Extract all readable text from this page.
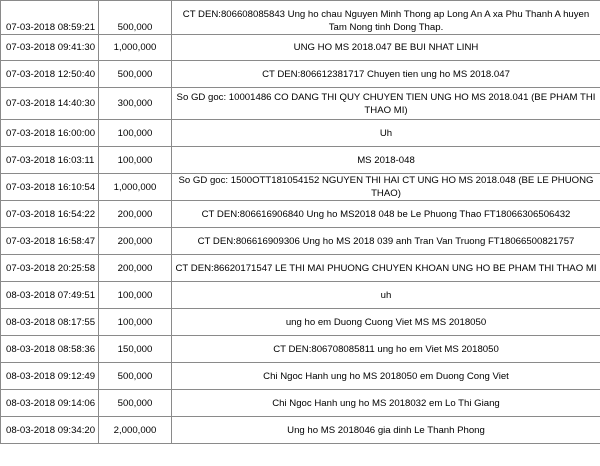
07-03-2018 08:59:21	500,000	CT DEN:806608085843 Ung ho chau Nguyen Minh Thong ap Long An A xa Phu Thanh A huyen Tam Nong tinh Dong Thap.
07-03-2018 09:41:30	1,000,000	UNG HO MS 2018.047 BE BUI NHAT LINH
07-03-2018 12:50:40	500,000	CT DEN:806612381717 Chuyen tien ung ho MS 2018.047
07-03-2018 14:40:30	300,000	So GD goc: 10001486 CO DANG THI QUY CHUYEN TIEN UNG HO MS 2018.041 (BE PHAM THI THAO MI)
07-03-2018 16:00:00	100,000	Uh
07-03-2018 16:03:11	100,000	MS 2018-048
07-03-2018 16:10:54	1,000,000	So GD goc: 1500OTT181054152 NGUYEN THI HAI CT UNG HO MS 2018.048 (BE LE PHUONG THAO)
07-03-2018 16:54:22	200,000	CT DEN:806616906840 Ung ho MS2018 048 be Le Phuong Thao FT18066306506432
07-03-2018 16:58:47	200,000	CT DEN:806616909306 Ung ho MS 2018 039 anh Tran Van Truong FT18066500821757
07-03-2018 20:25:58	200,000	CT DEN:86620171547 LE THI MAI PHUONG CHUYEN KHOAN UNG HO BE PHAM THI THAO MI
08-03-2018 07:49:51	100,000	uh
08-03-2018 08:17:55	100,000	ung ho em Duong Cuong Viet MS MS 2018050
08-03-2018 08:58:36	150,000	CT DEN:806708085811 ung ho em Viet MS 2018050
08-03-2018 09:12:49	500,000	Chi Ngoc Hanh ung ho MS 2018050 em Duong Cong Viet
08-03-2018 09:14:06	500,000	Chi Ngoc Hanh ung ho MS 2018032 em Lo Thi Giang
08-03-2018 09:34:20	2,000,000	Ung ho MS 2018046 gia dinh Le Thanh Phong
